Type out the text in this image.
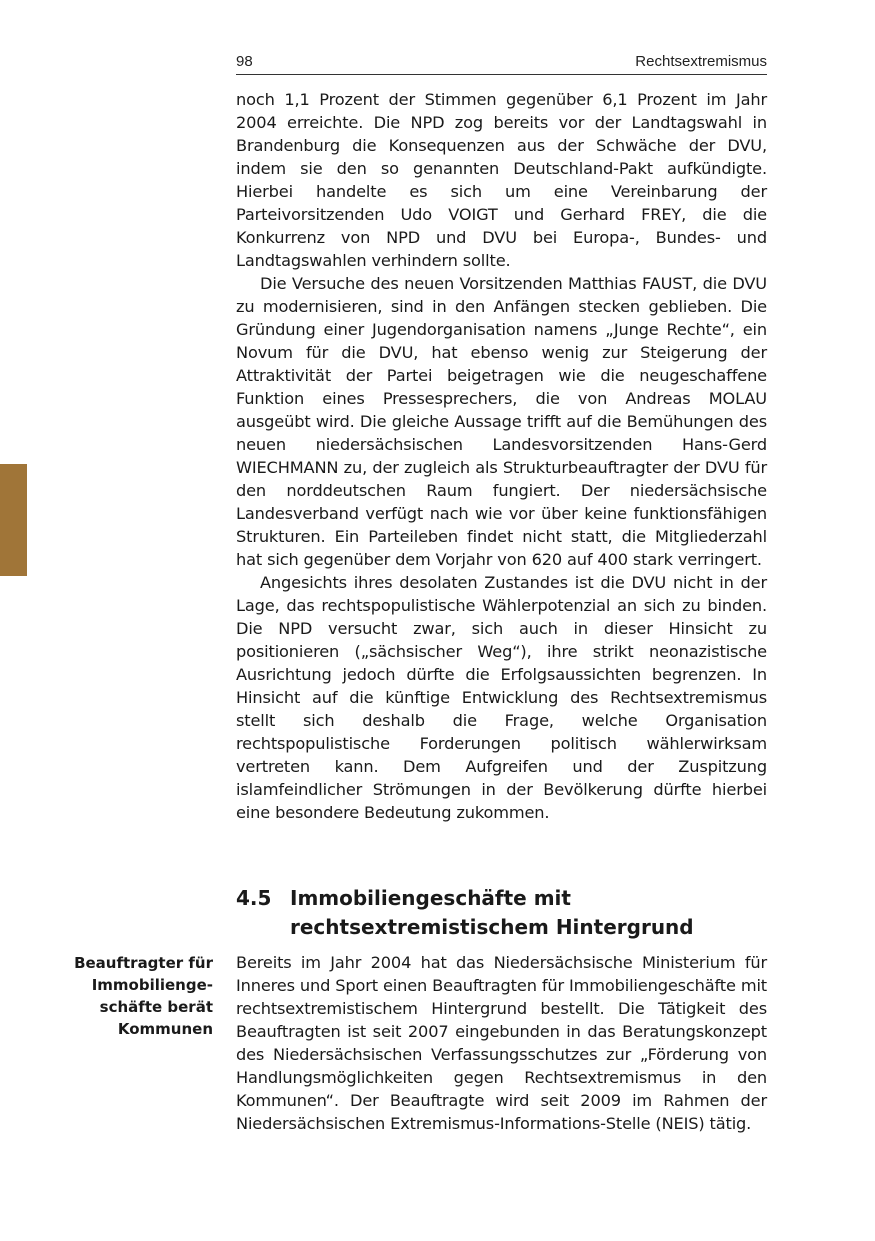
98	Rechtsextremismus

noch 1,1 Prozent der Stimmen gegenüber 6,1 Prozent im Jahr 2004 erreichte. Die NPD zog bereits vor der Landtagswahl in Brandenburg die Konsequenzen aus der Schwäche der DVU, indem sie den so genannten Deutschland-Pakt aufkündigte. Hierbei handelte es sich um eine Vereinbarung der Parteivorsitzenden Udo VOIGT und Gerhard FREY, die die Konkurrenz von NPD und DVU bei Europa-, Bundes- und Landtagswahlen verhindern sollte.

Die Versuche des neuen Vorsitzenden Matthias FAUST, die DVU zu modernisieren, sind in den Anfängen stecken geblieben. Die Gründung einer Jugendorganisation namens „Junge Rechte“, ein Novum für die DVU, hat ebenso wenig zur Steigerung der Attraktivität der Partei beigetragen wie die neugeschaffene Funktion eines Pressesprechers, die von Andreas MOLAU ausgeübt wird. Die gleiche Aussage trifft auf die Bemühungen des neuen niedersächsischen Landesvorsitzenden Hans-Gerd WIECHMANN zu, der zugleich als Strukturbeauftragter der DVU für den norddeutschen Raum fungiert. Der niedersächsische Landesverband verfügt nach wie vor über keine funktionsfähigen Strukturen. Ein Parteileben findet nicht statt, die Mitgliederzahl hat sich gegenüber dem Vorjahr von 620 auf 400 stark verringert.

Angesichts ihres desolaten Zustandes ist die DVU nicht in der Lage, das rechtspopulistische Wählerpotenzial an sich zu binden. Die NPD versucht zwar, sich auch in dieser Hinsicht zu positionieren („sächsischer Weg“), ihre strikt neonazistische Ausrichtung jedoch dürfte die Erfolgsaussichten begrenzen. In Hinsicht auf die künftige Entwicklung des Rechtsextremismus stellt sich deshalb die Frage, welche Organisation rechtspopulistische Forderungen politisch wählerwirksam vertreten kann. Dem Aufgreifen und der Zuspitzung islamfeindlicher Strömungen in der Bevölkerung dürfte hierbei eine besondere Bedeutung zukommen.

4.5 Immobiliengeschäfte mit rechtsextremistischem Hintergrund
Beauftragter für Immobiliengeschäfte berät Kommunen

Bereits im Jahr 2004 hat das Niedersächsische Ministerium für Inneres und Sport einen Beauftragten für Immobiliengeschäfte mit rechtsextremistischem Hintergrund bestellt. Die Tätigkeit des Beauftragten ist seit 2007 eingebunden in das Beratungskonzept des Niedersächsischen Verfassungsschutzes zur „Förderung von Handlungsmöglichkeiten gegen Rechtsextremismus in den Kommunen“. Der Beauftragte wird seit 2009 im Rahmen der Niedersächsischen Extremismus-Informations-Stelle (NEIS) tätig.
